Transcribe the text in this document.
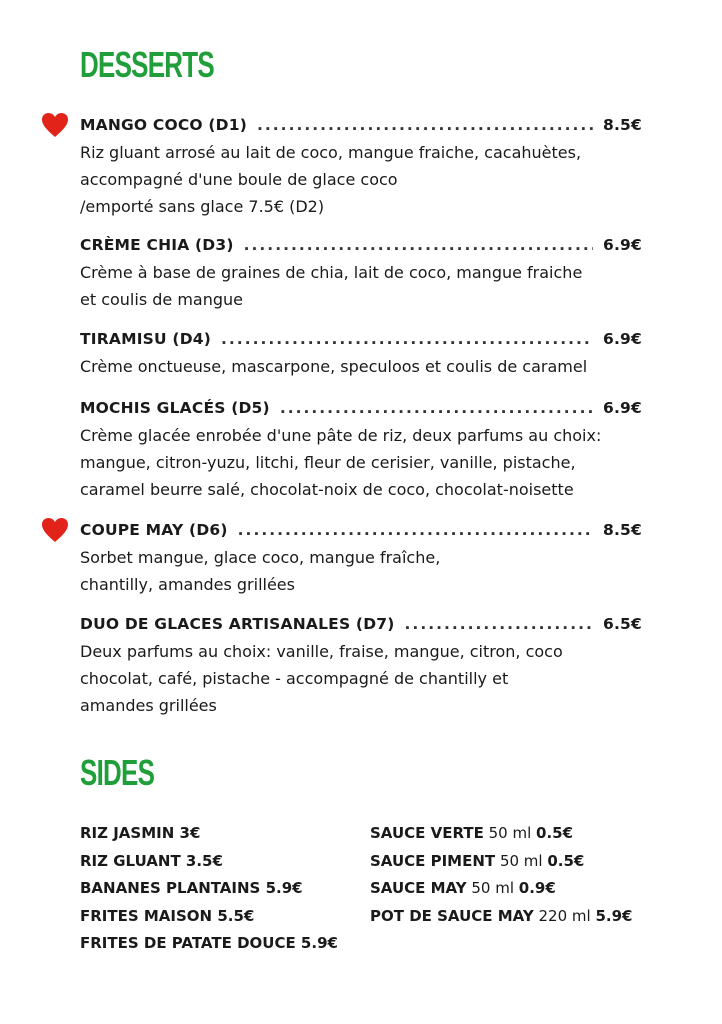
DESSERTS
MANGO COCO (D1) .....	8.5€
Riz gluant arrosé au lait de coco, mangue fraiche, cacahuètes,
accompagné d'une boule de glace coco
/emporté sans glace 7.5€ (D2)
CRÈME CHIA (D3) .....	6.9€
Crème à base de graines de chia, lait de coco, mangue fraiche
et coulis de mangue
TIRAMISU (D4) .....	6.9€
Crème onctueuse, mascarpone, speculoos et coulis de caramel
MOCHIS GLACÉS (D5) .....	6.9€
Crème glacée enrobée d'une pâte de riz, deux parfums au choix:
mangue, citron-yuzu, litchi, fleur de cerisier, vanille, pistache,
caramel beurre salé, chocolat-noix de coco, chocolat-noisette
COUPE MAY (D6) .....	8.5€
Sorbet mangue, glace coco, mangue fraîche,
chantilly, amandes grillées
DUO DE GLACES ARTISANALES (D7) .....	6.5€
Deux parfums au choix: vanille, fraise, mangue, citron, coco
chocolat, café, pistache - accompagné de chantilly et
amandes grillées
SIDES
RIZ JASMIN 3€
RIZ GLUANT 3.5€
BANANES PLANTAINS 5.9€
FRITES MAISON 5.5€
FRITES DE PATATE DOUCE 5.9€
SAUCE VERTE 50 ml 0.5€
SAUCE PIMENT 50 ml 0.5€
SAUCE MAY 50 ml 0.9€
POT DE SAUCE MAY 220 ml 5.9€
